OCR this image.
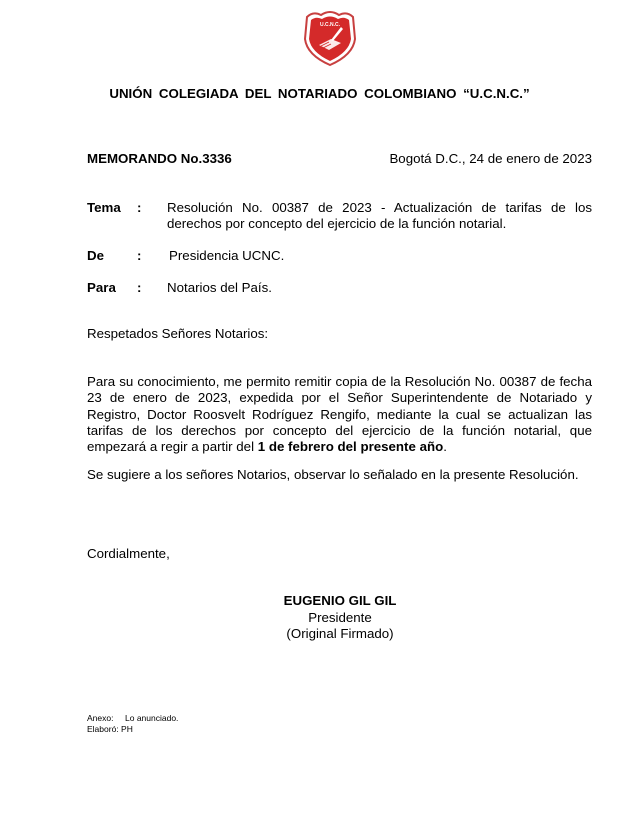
U.C.N.C.
UNIÓN COLEGIADA DEL NOTARIADO COLOMBIANO “U.C.N.C.”
MEMORANDO No.3336	Bogotá D.C., 24 de enero de 2023
Tema : Resolución No. 00387 de 2023 - Actualización de tarifas de los derechos por concepto del ejercicio de la función notarial.
De : Presidencia UCNC.
Para : Notarios del País.
Respetados Señores Notarios:
Para su conocimiento, me permito remitir copia de la Resolución No. 00387 de fecha 23 de enero de 2023, expedida por el Señor Superintendente de Notariado y Registro, Doctor Roosvelt Rodríguez Rengifo, mediante la cual se actualizan las tarifas de los derechos por concepto del ejercicio de la función notarial, que empezará a regir a partir del 1 de febrero del presente año.
Se sugiere a los señores Notarios, observar lo señalado en la presente Resolución.
Cordialmente,
EUGENIO GIL GIL
Presidente
(Original Firmado)
Anexo: Lo anunciado.
Elaboró: PH
